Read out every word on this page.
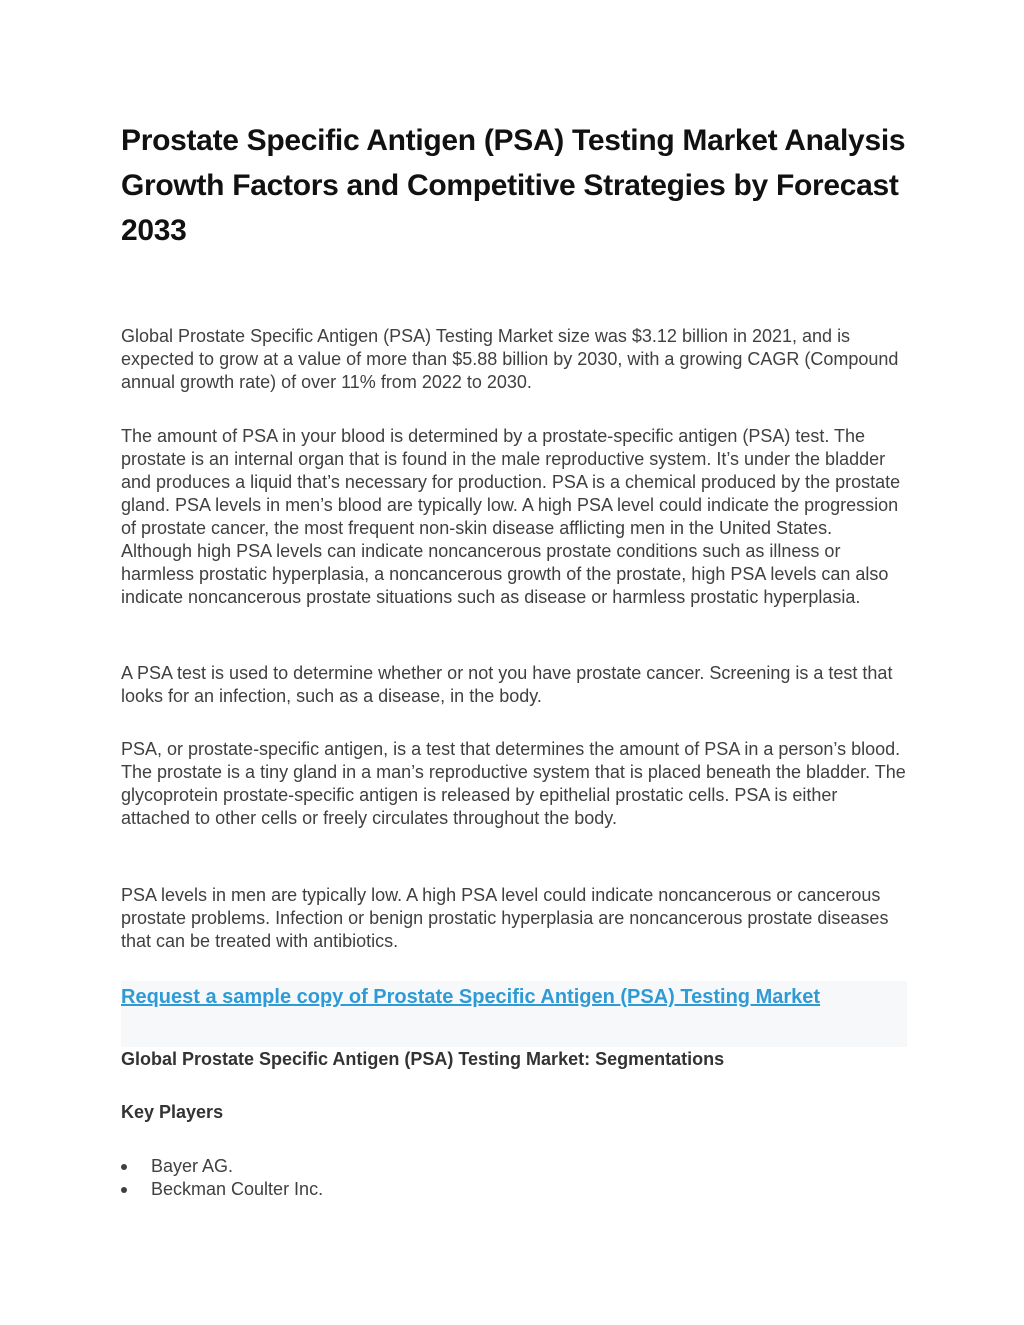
Prostate Specific Antigen (PSA) Testing Market Analysis Growth Factors and Competitive Strategies by Forecast 2033

Global Prostate Specific Antigen (PSA) Testing Market size was $3.12 billion in 2021, and is expected to grow at a value of more than $5.88 billion by 2030, with a growing CAGR (Compound annual growth rate) of over 11% from 2022 to 2030.

The amount of PSA in your blood is determined by a prostate-specific antigen (PSA) test. The prostate is an internal organ that is found in the male reproductive system. It’s under the bladder and produces a liquid that’s necessary for production. PSA is a chemical produced by the prostate gland. PSA levels in men’s blood are typically low. A high PSA level could indicate the progression of prostate cancer, the most frequent non-skin disease afflicting men in the United States. Although high PSA levels can indicate noncancerous prostate conditions such as illness or harmless prostatic hyperplasia, a noncancerous growth of the prostate, high PSA levels can also indicate noncancerous prostate situations such as disease or harmless prostatic hyperplasia.

A PSA test is used to determine whether or not you have prostate cancer. Screening is a test that looks for an infection, such as a disease, in the body.

PSA, or prostate-specific antigen, is a test that determines the amount of PSA in a person’s blood. The prostate is a tiny gland in a man’s reproductive system that is placed beneath the bladder. The glycoprotein prostate-specific antigen is released by epithelial prostatic cells. PSA is either attached to other cells or freely circulates throughout the body.

PSA levels in men are typically low. A high PSA level could indicate noncancerous or cancerous prostate problems. Infection or benign prostatic hyperplasia are noncancerous prostate diseases that can be treated with antibiotics.

Request a sample copy of Prostate Specific Antigen (PSA) Testing Market
Global Prostate Specific Antigen (PSA) Testing Market: Segmentations
Key Players
Bayer AG.
Beckman Coulter Inc.
